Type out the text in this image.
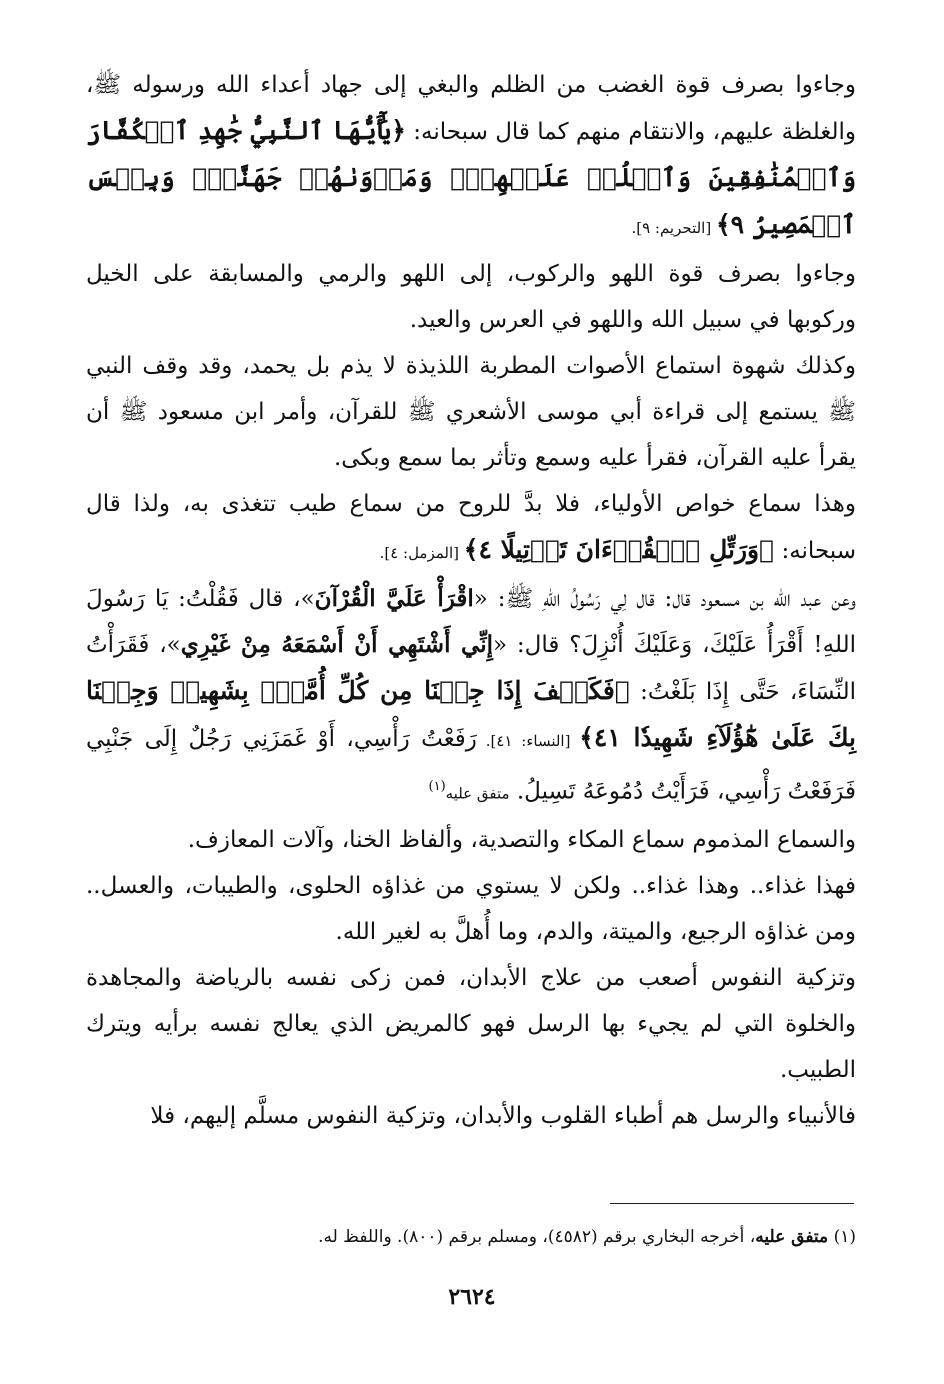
وجاءوا بصرف قوة الغضب من الظلم والبغي إلى جهاد أعداء الله ورسوله ﷺ، والغلظة عليهم، والانتقام منهم كما قال سبحانه: ﴿يَٰٓأَيُّهَا ٱلنَّبِيُّ جَٰهِدِ ٱلۡكُفَّارَ وَٱلۡمُنَٰفِقِينَ وَٱغۡلُظۡ عَلَيۡهِمۡۚ وَمَأۡوَىٰهُمۡ جَهَنَّمُۖ وَبِئۡسَ ٱلۡمَصِيرُ ٩﴾ [التحريم: ٩].

وجاءوا بصرف قوة اللهو والركوب، إلى اللهو والرمي والمسابقة على الخيل وركوبها في سبيل الله واللهو في العرس والعيد.

وكذلك شهوة استماع الأصوات المطربة اللذيذة لا يذم بل يحمد، وقد وقف النبي ﷺ يستمع إلى قراءة أبي موسى الأشعري ﷺ للقرآن، وأمر ابن مسعود ﷺ أن يقرأ عليه القرآن، فقرأ عليه وسمع وتأثر بما سمع وبكى.

وهذا سماع خواص الأولياء، فلا بدَّ للروح من سماع طيب تتغذى به، ولذا قال سبحانه: ﴿وَرَتِّلِ ٱلۡقُرۡءَانَ تَرۡتِيلًا ٤﴾ [المزمل: ٤].

وعن عبد الله بن مسعود قال: قال لِي رَسُولُ اللهِ ﷺ: «اقْرَأْ عَلَيَّ الْقُرْآنَ»، قال فَقُلْتُ: يَا رَسُولَ اللهِ! أَقْرَأُ عَلَيْكَ، وَعَلَيْكَ أُنْزِلَ؟ قال: «إِنِّي أَشْتَهِي أَنْ أَسْمَعَهُ مِنْ غَيْرِي»، فَقَرَأْتُ النِّسَاءَ، حَتَّى إِذَا بَلَغْتُ: ﴿فَكَيۡفَ إِذَا جِئۡنَا مِن كُلِّ أُمَّةِۭ بِشَهِيدٖ وَجِئۡنَا بِكَ عَلَىٰ هَٰٓؤُلَآءِ شَهِيدٗا ٤١﴾ [النساء: ٤١]. رَفَعْتُ رَأْسِي، أَوْ غَمَزَنِي رَجُلٌ إِلَى جَنْبِي فَرَفَعْتُ رَأْسِي، فَرَأَيْتُ دُمُوعَهُ تَسِيلُ. متفق عليه$^{(١)}$

والسماع المذموم سماع المكاء والتصدية، وألفاظ الخنا، وآلات المعازف.

فهذا غذاء.. وهذا غذاء.. ولكن لا يستوي من غذاؤه الحلوى، والطيبات، والعسل.. ومن غذاؤه الرجيع، والميتة، والدم، وما أُهلَّ به لغير الله.

وتزكية النفوس أصعب من علاج الأبدان، فمن زكى نفسه بالرياضة والمجاهدة والخلوة التي لم يجيء بها الرسل فهو كالمريض الذي يعالج نفسه برأيه ويترك الطبيب.

فالأنبياء والرسل هم أطباء القلوب والأبدان، وتزكية النفوس مسلَّم إليهم، فلا

(١) متفق عليه، أخرجه البخاري برقم (٤٥٨٢)، ومسلم برقم (٨٠٠). واللفظ له.
٢٦٢٤
